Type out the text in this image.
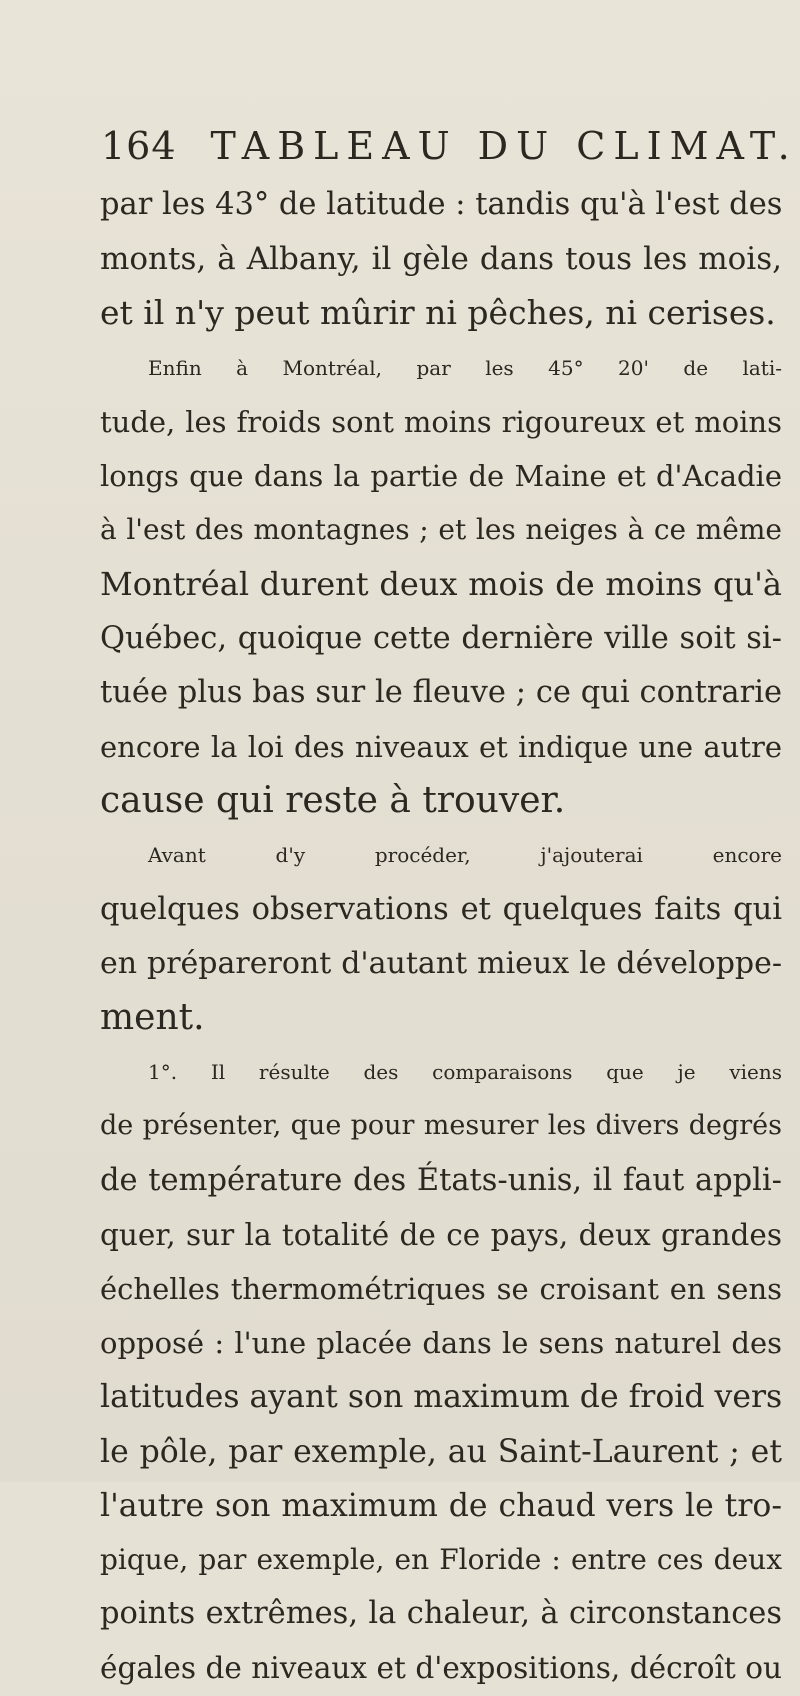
164 TABLEAU DU CLIMAT.

par les 43° de latitude : tandis qu'à l'est des
monts, à Albany, il gèle dans tous les mois,
et il n'y peut mûrir ni pêches, ni cerises.

Enfin à Montréal, par les 45° 20' de lati-
tude, les froids sont moins rigoureux et moins
longs que dans la partie de Maine et d'Acadie
à l'est des montagnes ; et les neiges à ce même
Montréal durent deux mois de moins qu'à
Québec, quoique cette dernière ville soit si-
tuée plus bas sur le fleuve ; ce qui contrarie
encore la loi des niveaux et indique une autre
cause qui reste à trouver.

Avant d'y procéder, j'ajouterai encore
quelques observations et quelques faits qui
en prépareront d'autant mieux le développe-
ment.

1°. Il résulte des comparaisons que je viens
de présenter, que pour mesurer les divers degrés
de température des États-unis, il faut appli-
quer, sur la totalité de ce pays, deux grandes
échelles thermométriques se croisant en sens
opposé : l'une placée dans le sens naturel des
latitudes ayant son maximum de froid vers
le pôle, par exemple, au Saint-Laurent ; et
l'autre son maximum de chaud vers le tro-
pique, par exemple, en Floride : entre ces deux
points extrêmes, la chaleur, à circonstances
égales de niveaux et d'expositions, décroît ou
